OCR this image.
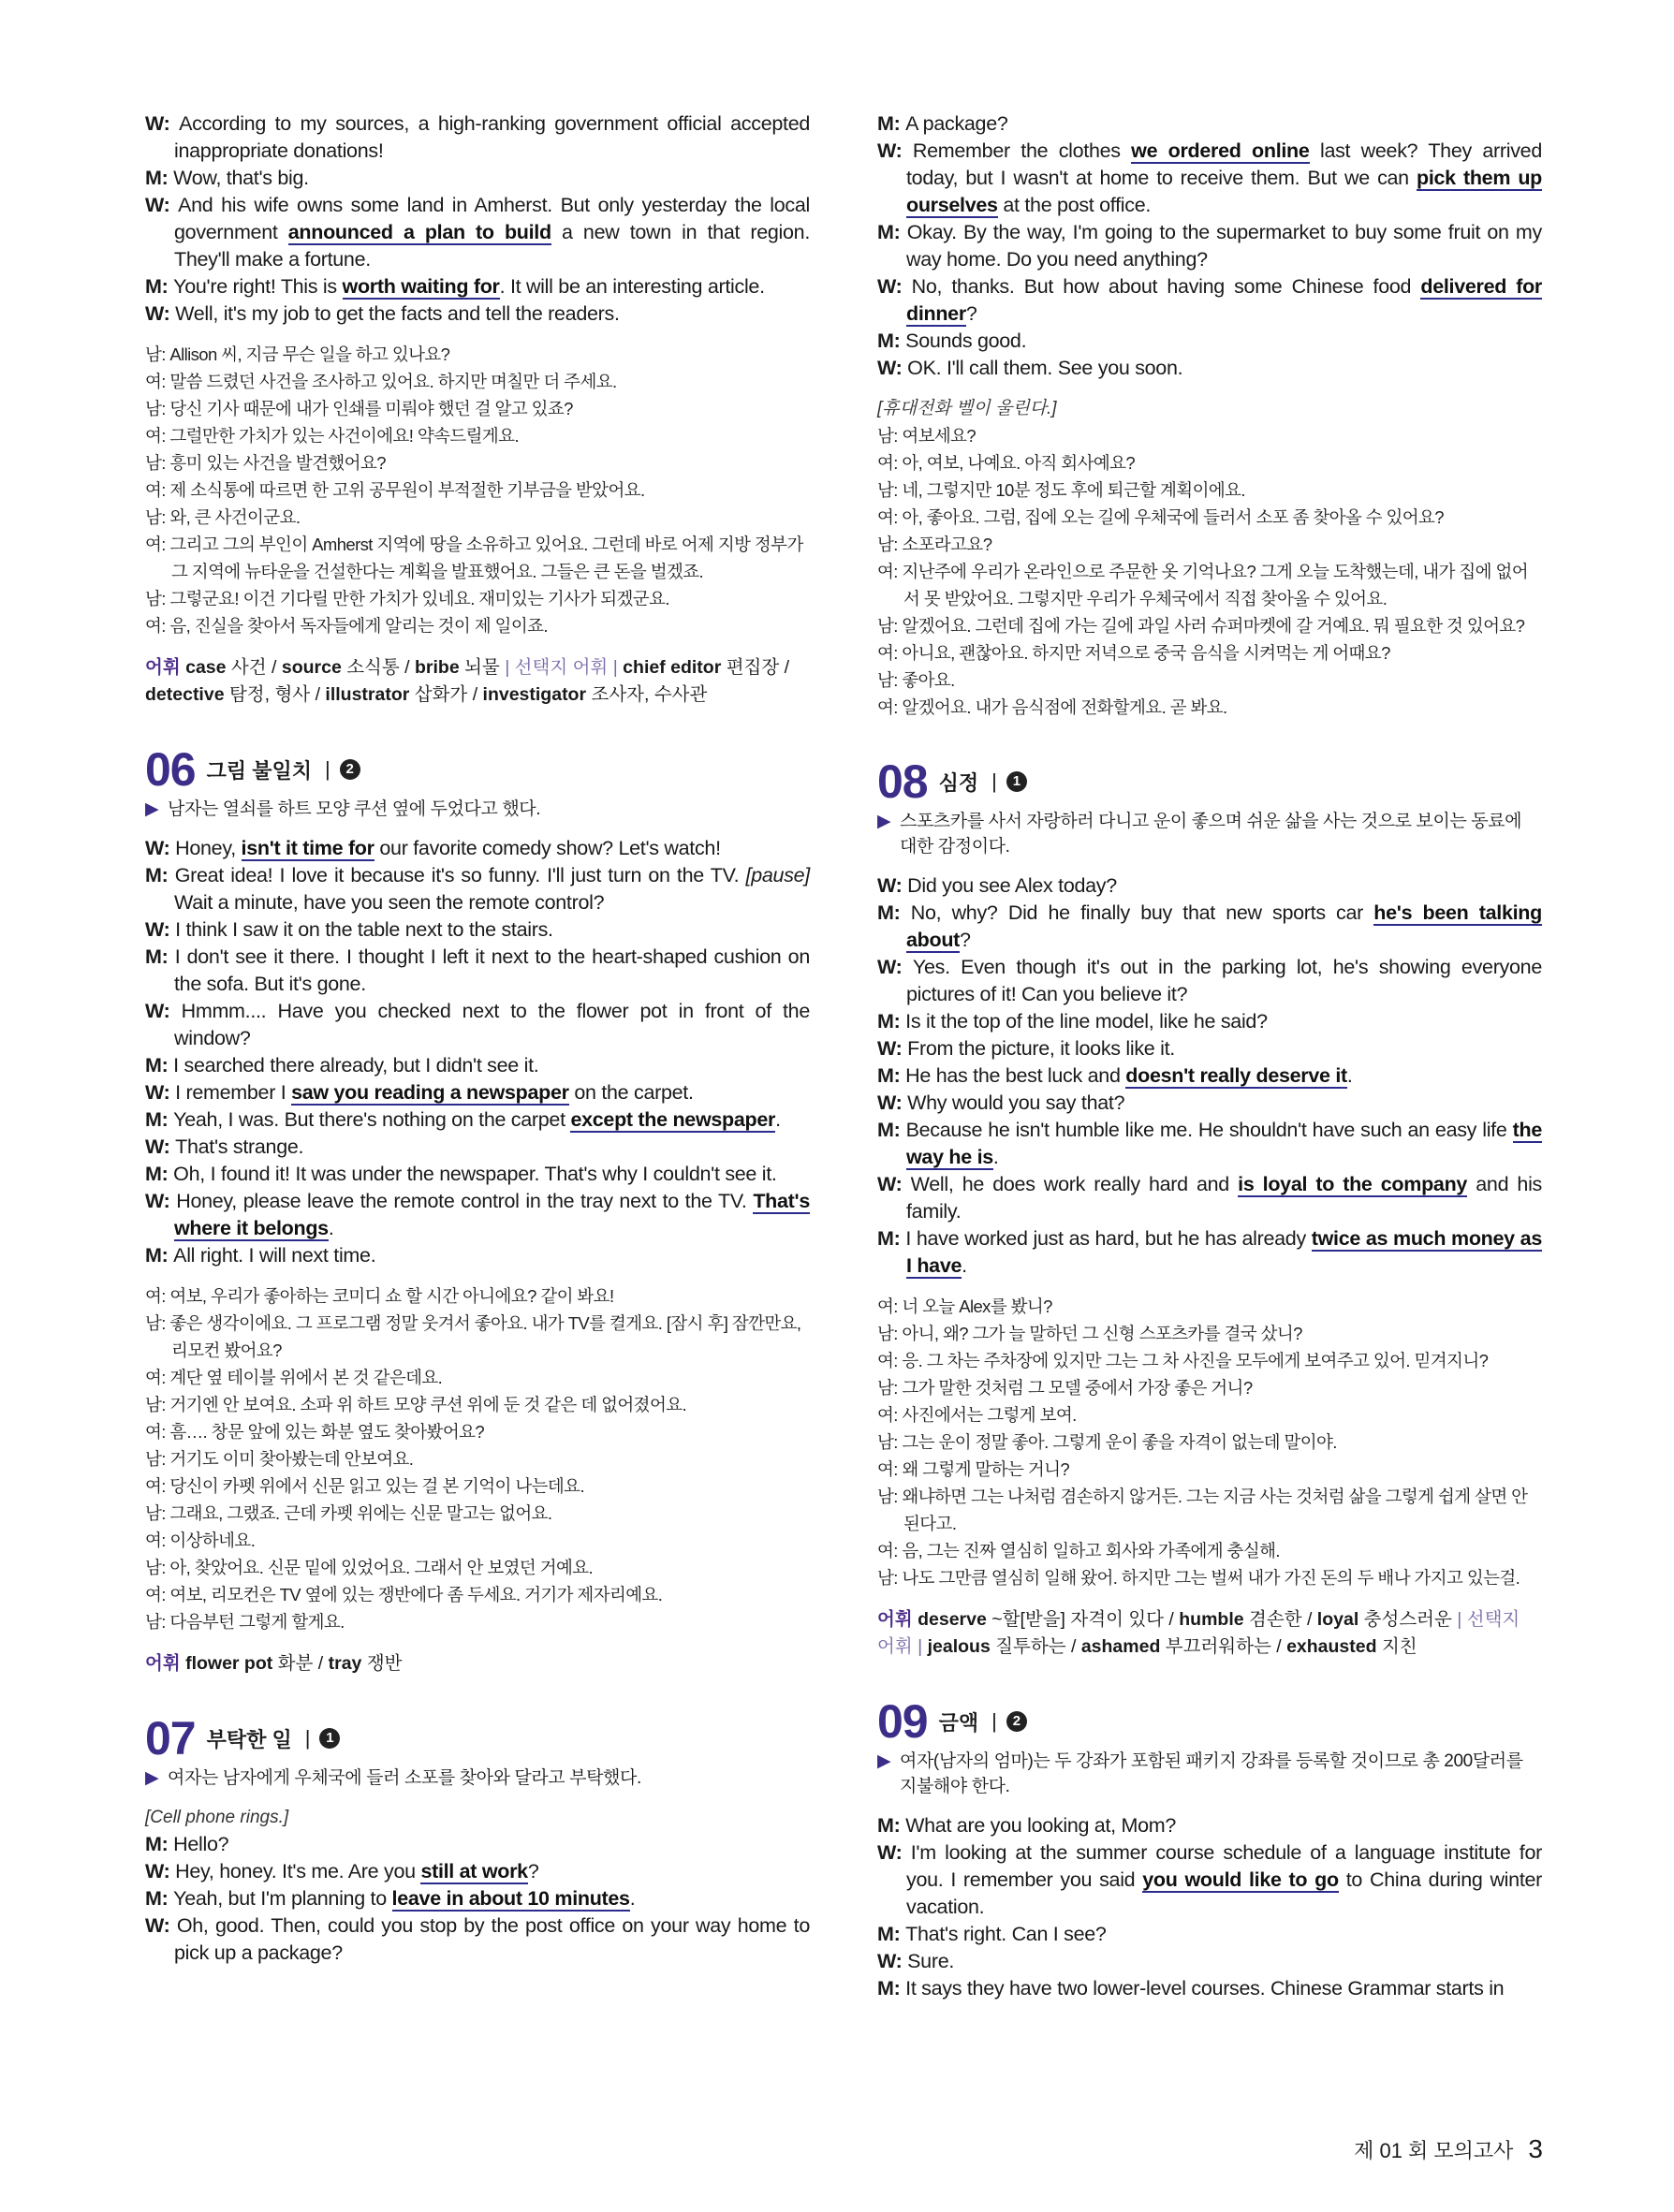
W: According to my sources, a high-ranking government official accepted inappropriate donations!
M: Wow, that's big.
W: And his wife owns some land in Amherst. But only yesterday the local government announced a plan to build a new town in that region. They'll make a fortune.
M: You're right! This is worth waiting for. It will be an interesting article.
W: Well, it's my job to get the facts and tell the readers.
남: Allison 씨, 지금 무슨 일을 하고 있나요?
여: 말씀 드렸던 사건을 조사하고 있어요. 하지만 며칠만 더 주세요.
남: 당신 기사 때문에 내가 인쇄를 미뤄야 했던 걸 알고 있죠?
여: 그럴만한 가치가 있는 사건이에요! 약속드릴게요.
남: 흥미 있는 사건을 발견했어요?
여: 제 소식통에 따르면 한 고위 공무원이 부적절한 기부금을 받았어요.
남: 와, 큰 사건이군요.
여: 그리고 그의 부인이 Amherst 지역에 땅을 소유하고 있어요. 그런데 바로 어제 지방 정부가 그 지역에 뉴타운을 건설한다는 계획을 발표했어요. 그들은 큰 돈을 벌겠죠.
남: 그렇군요! 이건 기다릴 만한 가치가 있네요. 재미있는 기사가 되겠군요.
여: 음, 진실을 찾아서 독자들에게 알리는 것이 제 일이죠.
어휘 case 사건 / source 소식통 / bribe 뇌물 | 선택지 어휘 | chief editor 편집장 / detective 탐정, 형사 / illustrator 삽화가 / investigator 조사자, 수사관
06 그림 불일치 |	2
▶ 남자는 열쇠를 하트 모양 쿠션 옆에 두었다고 했다.
W: Honey, isn't it time for our favorite comedy show? Let's watch!
M: Great idea! I love it because it's so funny. I'll just turn on the TV. [pause] Wait a minute, have you seen the remote control?
W: I think I saw it on the table next to the stairs.
M: I don't see it there. I thought I left it next to the heart-shaped cushion on the sofa. But it's gone.
W: Hmmm.... Have you checked next to the flower pot in front of the window?
M: I searched there already, but I didn't see it.
W: I remember I saw you reading a newspaper on the carpet.
M: Yeah, I was. But there's nothing on the carpet except the newspaper.
W: That's strange.
M: Oh, I found it! It was under the newspaper. That's why I couldn't see it.
W: Honey, please leave the remote control in the tray next to the TV. That's where it belongs.
M: All right. I will next time.
여: 여보, 우리가 좋아하는 코미디 쇼 할 시간 아니에요? 같이 봐요!
남: 좋은 생각이에요. 그 프로그램 정말 웃겨서 좋아요. 내가 TV를 켤게요. [잠시 후] 잠깐만요, 리모컨 봤어요?
여: 계단 옆 테이블 위에서 본 것 같은데요.
남: 거기엔 안 보여요. 소파 위 하트 모양 쿠션 위에 둔 것 같은 데 없어졌어요.
여: 흠…. 창문 앞에 있는 화분 옆도 찾아봤어요?
남: 거기도 이미 찾아봤는데 안보여요.
여: 당신이 카펫 위에서 신문 읽고 있는 걸 본 기억이 나는데요.
남: 그래요, 그랬죠. 근데 카펫 위에는 신문 말고는 없어요.
여: 이상하네요.
남: 아, 찾았어요. 신문 밑에 있었어요. 그래서 안 보였던 거예요.
여: 여보, 리모컨은 TV 옆에 있는 쟁반에다 좀 두세요. 거기가 제자리예요.
남: 다음부턴 그렇게 할게요.
어휘 flower pot 화분 / tray 쟁반
07 부탁한 일 |	1
▶ 여자는 남자에게 우체국에 들러 소포를 찾아와 달라고 부탁했다.
[Cell phone rings.]
M: Hello?
W: Hey, honey. It's me. Are you still at work?
M: Yeah, but I'm planning to leave in about 10 minutes.
W: Oh, good. Then, could you stop by the post office on your way home to pick up a package?
M: A package?
W: Remember the clothes we ordered online last week? They arrived today, but I wasn't at home to receive them. But we can pick them up ourselves at the post office.
M: Okay. By the way, I'm going to the supermarket to buy some fruit on my way home. Do you need anything?
W: No, thanks. But how about having some Chinese food delivered for dinner?
M: Sounds good.
W: OK. I'll call them. See you soon.
[휴대전화 벨이 울린다.]
남: 여보세요?
여: 아, 여보, 나예요. 아직 회사예요?
남: 네, 그렇지만 10분 정도 후에 퇴근할 계획이에요.
여: 아, 좋아요. 그럼, 집에 오는 길에 우체국에 들러서 소포 좀 찾아올 수 있어요?
남: 소포라고요?
여: 지난주에 우리가 온라인으로 주문한 옷 기억나요? 그게 오늘 도착했는데, 내가 집에 없어서 못 받았어요. 그렇지만 우리가 우체국에서 직접 찾아올 수 있어요.
남: 알겠어요. 그런데 집에 가는 길에 과일 사러 슈퍼마켓에 갈 거예요. 뭐 필요한 것 있어요?
여: 아니요, 괜찮아요. 하지만 저녁으로 중국 음식을 시켜먹는 게 어때요?
남: 좋아요.
여: 알겠어요. 내가 음식점에 전화할게요. 곧 봐요.
08 심정 |	1
▶ 스포츠카를 사서 자랑하러 다니고 운이 좋으며 쉬운 삶을 사는 것으로 보이는 동료에 대한 감정이다.
W: Did you see Alex today?
M: No, why? Did he finally buy that new sports car he's been talking about?
W: Yes. Even though it's out in the parking lot, he's showing everyone pictures of it! Can you believe it?
M: Is it the top of the line model, like he said?
W: From the picture, it looks like it.
M: He has the best luck and doesn't really deserve it.
W: Why would you say that?
M: Because he isn't humble like me. He shouldn't have such an easy life the way he is.
W: Well, he does work really hard and is loyal to the company and his family.
M: I have worked just as hard, but he has already twice as much money as I have.
여: 너 오늘 Alex를 봤니?
남: 아니, 왜? 그가 늘 말하던 그 신형 스포츠카를 결국 샀니?
여: 응. 그 차는 주차장에 있지만 그는 그 차 사진을 모두에게 보여주고 있어. 믿겨지니?
남: 그가 말한 것처럼 그 모델 중에서 가장 좋은 거니?
여: 사진에서는 그렇게 보여.
남: 그는 운이 정말 좋아. 그렇게 운이 좋을 자격이 없는데 말이야.
여: 왜 그렇게 말하는 거니?
남: 왜냐하면 그는 나처럼 겸손하지 않거든. 그는 지금 사는 것처럼 삶을 그렇게 쉽게 살면 안 된다고.
여: 음, 그는 진짜 열심히 일하고 회사와 가족에게 충실해.
남: 나도 그만큼 열심히 일해 왔어. 하지만 그는 벌써 내가 가진 돈의 두 배나 가지고 있는걸.
어휘 deserve ~할[받을] 자격이 있다 / humble 겸손한 / loyal 충성스러운 | 선택지 어휘 | jealous 질투하는 / ashamed 부끄러워하는 / exhausted 지친
09 금액 |	2
▶ 여자(남자의 엄마)는 두 강좌가 포함된 패키지 강좌를 등록할 것이므로 총 200달러를 지불해야 한다.
M: What are you looking at, Mom?
W: I'm looking at the summer course schedule of a language institute for you. I remember you said you would like to go to China during winter vacation.
M: That's right. Can I see?
W: Sure.
M: It says they have two lower-level courses. Chinese Grammar starts in
제 01 회 모의고사 3
